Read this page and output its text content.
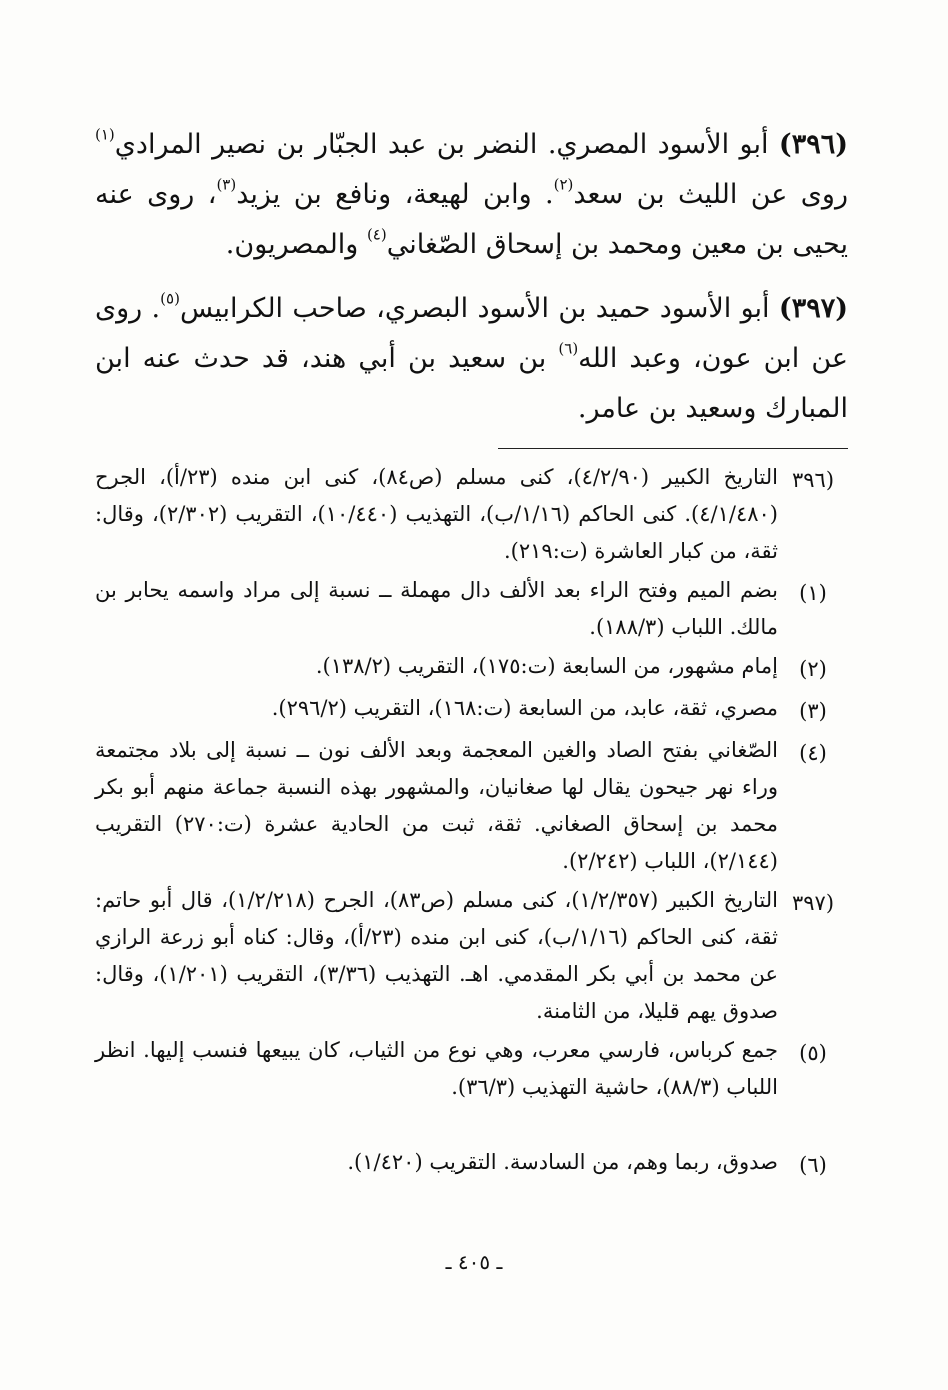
(٣٩٦) أبو الأسود المصري. النضر بن عبد الجبّار بن نصير المرادي$^{(١)}$ روى عن الليث بن سعد$^{(٢)}$. وابن لهيعة، ونافع بن يزيد$^{(٣)}$، روى عنه يحيى بن معين ومحمد بن إسحاق الصّغاني$^{(٤)}$ والمصريون.

(٣٩٧) أبو الأسود حميد بن الأسود البصري، صاحب الكرابيس$^{(٥)}$. روى عن ابن عون، وعبد الله$^{(٦)}$ بن سعيد بن أبي هند، قد حدث عنه ابن المبارك وسعيد بن عامر.

(٣٩٦
التاريخ الكبير (٤/٢/٩٠)، كنى مسلم (ص٨٤)، كنى ابن منده (٢٣/أ)، الجرح (٤/١/٤٨٠). كنى الحاكم (١/١٦/ب)، التهذيب (١٠/٤٤٠)، التقريب (٢/٣٠٢)، وقال: ثقة، من كبار العاشرة (ت:٢١٩).
(١)
بضم الميم وفتح الراء بعد الألف دال مهملة ــ نسبة إلى مراد واسمه يحابر بن مالك. اللباب (١٨٨/٣).
(٢)
إمام مشهور، من السابعة (ت:١٧٥)، التقريب (١٣٨/٢).
(٣)
مصري، ثقة، عابد، من السابعة (ت:١٦٨)، التقريب (٢٩٦/٢).
(٤)
الصّغاني بفتح الصاد والغين المعجمة وبعد الألف نون ــ نسبة إلى بلاد مجتمعة وراء نهر جيحون يقال لها صغانيان، والمشهور بهذه النسبة جماعة منهم أبو بكر محمد بن إسحاق الصغاني. ثقة، ثبت من الحادية عشرة (ت:٢٧٠) التقريب (٢/١٤٤)، اللباب (٢/٢٤٢).
(٣٩٧
التاريخ الكبير (١/٢/٣٥٧)، كنى مسلم (ص٨٣)، الجرح (١/٢/٢١٨)، قال أبو حاتم: ثقة، كنى الحاكم (١/١٦/ب)، كنى ابن منده (٢٣/أ)، وقال: كناه أبو زرعة الرازي عن محمد بن أبي بكر المقدمي. اهـ. التهذيب (٣/٣٦)، التقريب (١/٢٠١)، وقال: صدوق يهم قليلا، من الثامنة.
(٥)
جمع كرباس، فارسي معرب، وهي نوع من الثياب، كان يبيعها فنسب إليها. انظر اللباب (٨٨/٣)، حاشية التهذيب (٣٦/٣).
(٦)
صدوق، ربما وهم، من السادسة. التقريب (١/٤٢٠).
ـ ٤٠٥ ـ
